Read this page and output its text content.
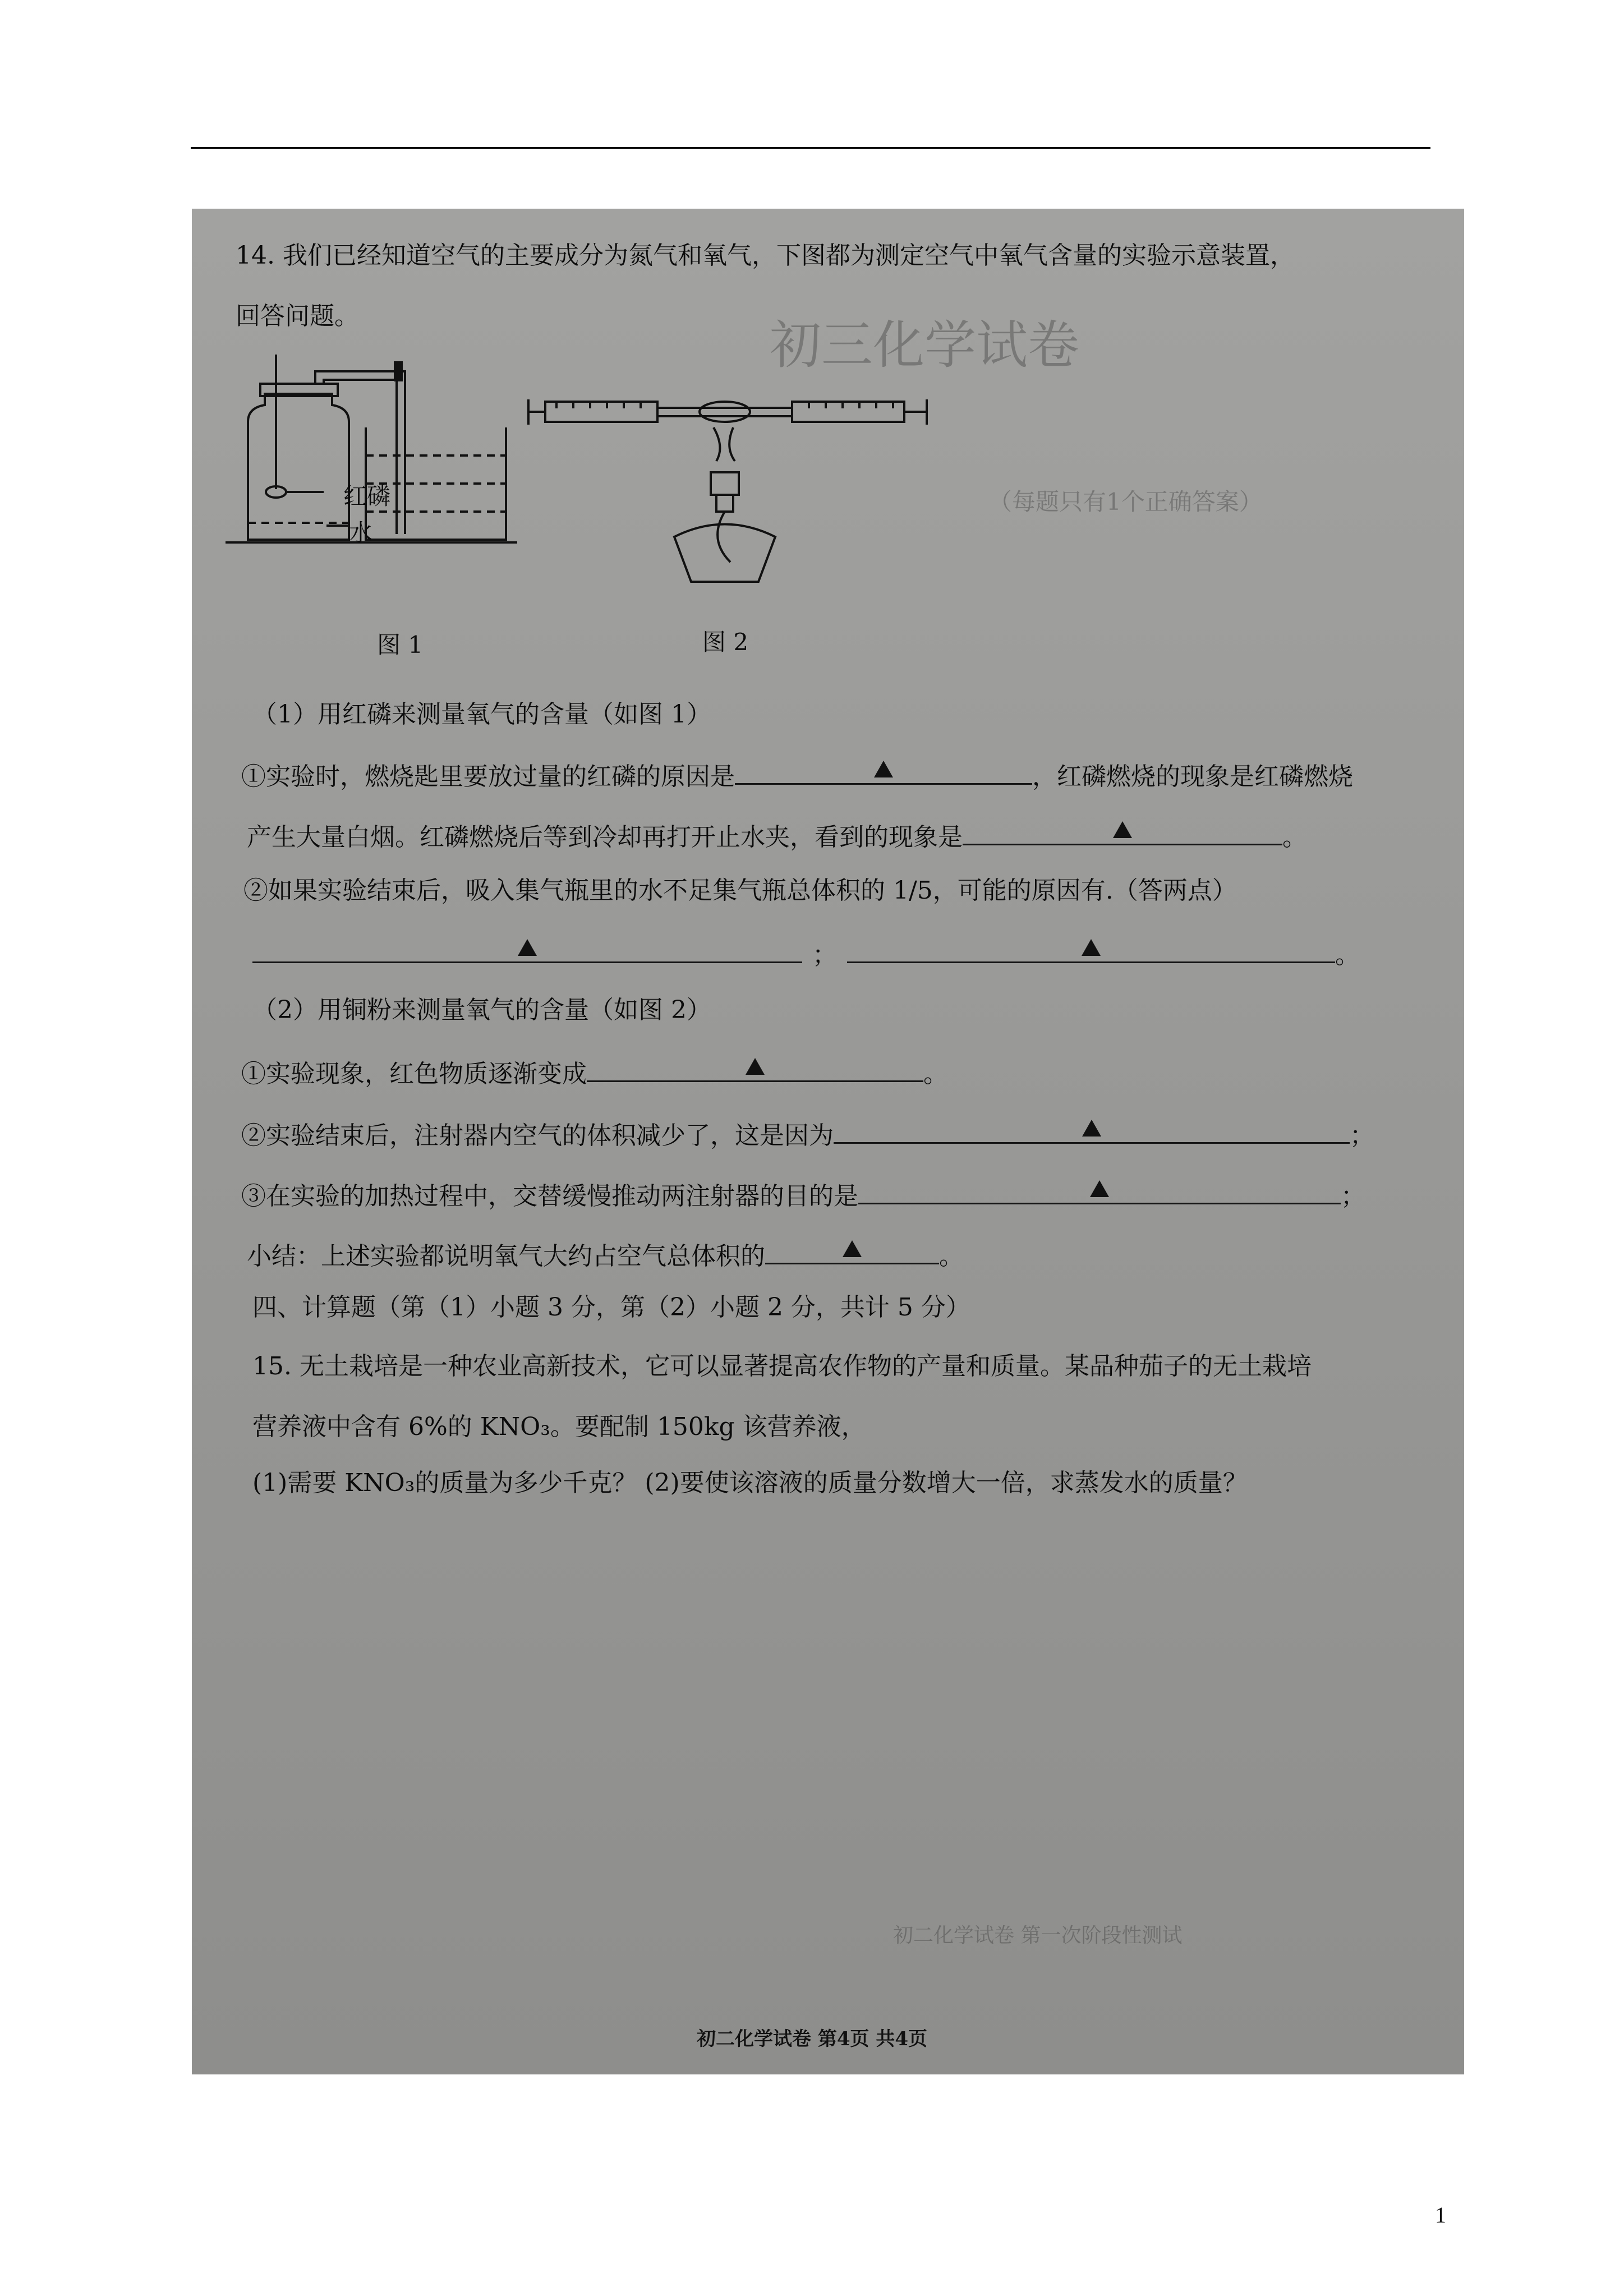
初三化学试卷
（每题只有1个正确答案）
初二化学试卷 第一次阶段性测试
14. 我们已经知道空气的主要成分为氮气和氧气，下图都为测定空气中氧气含量的实验示意装置，
回答问题。
红磷
水
图 1	图 2
（1）用红磷来测量氧气的含量（如图 1）
①实验时，燃烧匙里要放过量的红磷的原因是	，红磷燃烧的现象是红磷燃烧
产生大量白烟。红磷燃烧后等到冷却再打开止水夹，看到的现象是	。
②如果实验结束后，吸入集气瓶里的水不足集气瓶总体积的 1/5，可能的原因有.（答两点）
；	。
（2）用铜粉来测量氧气的含量（如图 2）
①实验现象，红色物质逐渐变成	。
②实验结束后，注射器内空气的体积减少了，这是因为	；
③在实验的加热过程中，交替缓慢推动两注射器的目的是	；
小结：上述实验都说明氧气大约占空气总体积的	。
四、计算题（第（1）小题 3 分，第（2）小题 2 分，共计 5 分）
15. 无土栽培是一种农业高新技术，它可以显著提高农作物的产量和质量。某品种茄子的无土栽培
营养液中含有 6%的 KNO₃。要配制 150kg 该营养液，
(1)需要 KNO₃的质量为多少千克？ (2)要使该溶液的质量分数增大一倍，求蒸发水的质量？
初二化学试卷 第4页 共4页
1
